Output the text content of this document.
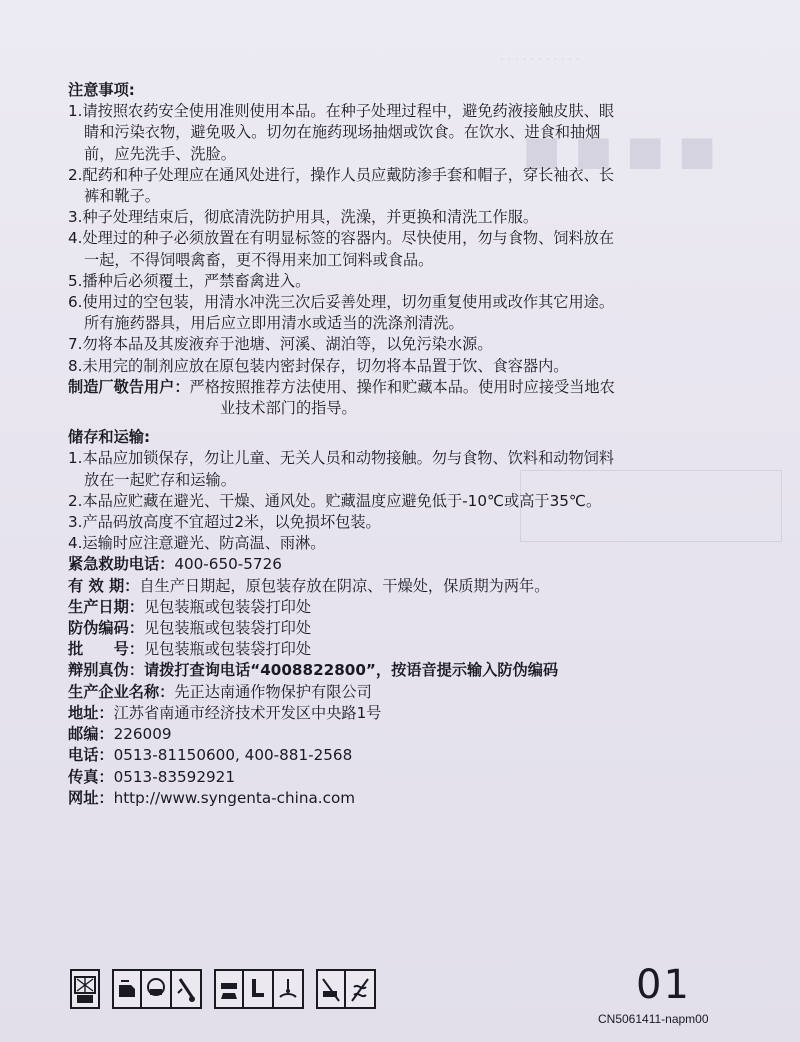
· · · · · · · · · · ·
■■■■
注意事项:
1.请按照农药安全使用准则使用本品。在种子处理过程中，避免药液接触皮肤、眼
睛和污染衣物，避免吸入。切勿在施药现场抽烟或饮食。在饮水、进食和抽烟
前，应先洗手、洗脸。
2.配药和种子处理应在通风处进行，操作人员应戴防渗手套和帽子，穿长袖衣、长
裤和靴子。
3.种子处理结束后，彻底清洗防护用具，洗澡，并更换和清洗工作服。
4.处理过的种子必须放置在有明显标签的容器内。尽快使用，勿与食物、饲料放在
一起，不得饲喂禽畜，更不得用来加工饲料或食品。
5.播种后必须覆土，严禁畜禽进入。
6.使用过的空包装，用清水冲洗三次后妥善处理，切勿重复使用或改作其它用途。
所有施药器具，用后应立即用清水或适当的洗涤剂清洗。
7.勿将本品及其废液弃于池塘、河溪、湖泊等，以免污染水源。
8.未用完的制剂应放在原包装内密封保存，切勿将本品置于饮、食容器内。
制造厂敬告用户：严格按照推荐方法使用、操作和贮藏本品。使用时应接受当地农
业技术部门的指导。
储存和运输:
1.本品应加锁保存，勿让儿童、无关人员和动物接触。勿与食物、饮料和动物饲料
放在一起贮存和运输。
2.本品应贮藏在避光、干燥、通风处。贮藏温度应避免低于-10℃或高于35℃。
3.产品码放高度不宜超过2米，以免损坏包装。
4.运输时应注意避光、防高温、雨淋。
紧急救助电话：400-650-5726
有 效 期：自生产日期起，原包装存放在阴凉、干燥处，保质期为两年。
生产日期：见包装瓶或包装袋打印处
防伪编码：见包装瓶或包装袋打印处
批　　号：见包装瓶或包装袋打印处
辩别真伪：请拨打查询电话“4008822800”，按语音提示输入防伪编码
生产企业名称：先正达南通作物保护有限公司
地址：江苏省南通市经济技术开发区中央路1号
邮编：226009
电话：0513-81150600, 400-881-2568
传真：0513-83592921
网址：http://www.syngenta-china.com
01
CN5061411-napm00
